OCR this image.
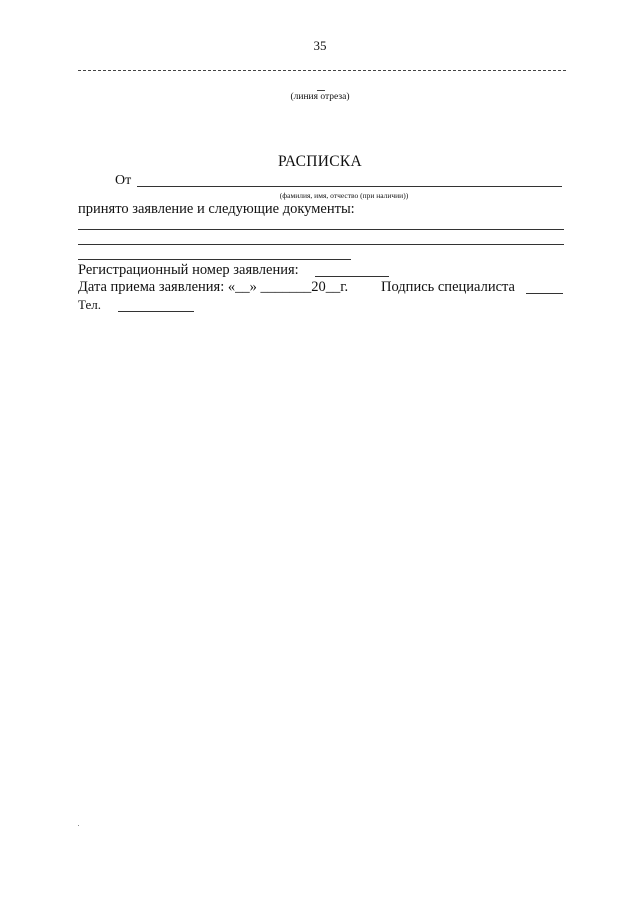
35
(линия отреза)
РАСПИСКА
От
(фамилия, имя, отчество (при наличии))
принято заявление и следующие документы:
Регистрационный номер заявления:
Дата приема заявления: «__» _______20__г. Подпись специалиста
Тел.
